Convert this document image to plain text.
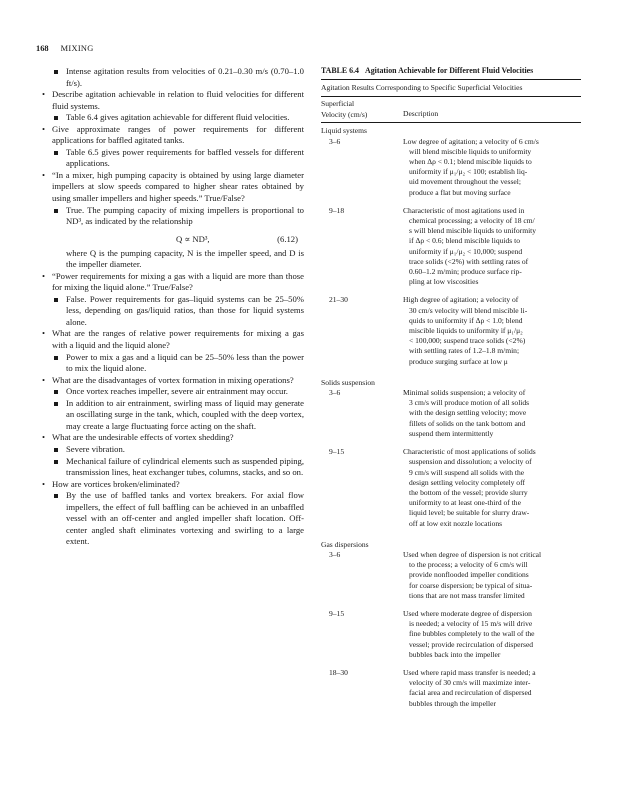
168 MIXING

Intense agitation results from velocities of 0.21–0.30 m/s (0.70–1.0 ft/s).

• Describe agitation achievable in relation to fluid velocities for different fluid systems.

Table 6.4 gives agitation achievable for different fluid velocities.

• Give approximate ranges of power requirements for different applications for baffled agitated tanks.

Table 6.5 gives power requirements for baffled vessels for different applications.

• “In a mixer, high pumping capacity is obtained by using large diameter impellers at slow speeds compared to higher shear rates obtained by using smaller impellers and higher speeds.” True/False?

True. The pumping capacity of mixing impellers is proportional to ND³, as indicated by the relationship

Q ∝ ND³,	(6.12)

where Q is the pumping capacity, N is the impeller speed, and D is the impeller diameter.

• “Power requirements for mixing a gas with a liquid are more than those for mixing the liquid alone.” True/False?

False. Power requirements for gas–liquid systems can be 25–50% less, depending on gas/liquid ratios, than those for liquid systems alone.

• What are the ranges of relative power requirements for mixing a gas with a liquid and the liquid alone?

Power to mix a gas and a liquid can be 25–50% less than the power to mix the liquid alone.

• What are the disadvantages of vortex formation in mixing operations?

Once vortex reaches impeller, severe air entrainment may occur.

In addition to air entrainment, swirling mass of liquid may generate an oscillating surge in the tank, which, coupled with the deep vortex, may create a large fluctuating force acting on the shaft.

• What are the undesirable effects of vortex shedding?

Severe vibration.

Mechanical failure of cylindrical elements such as suspended piping, transmission lines, heat exchanger tubes, columns, stacks, and so on.

• How are vortices broken/eliminated?

By the use of baffled tanks and vortex breakers. For axial flow impellers, the effect of full baffling can be achieved in an unbaffled vessel with an off-center and angled impeller shaft location. Off-center angled shaft eliminates vortexing and swirling to a large extent.

TABLE 6.4 Agitation Achievable for Different Fluid Velocities

Agitation Results Corresponding to Specific Superficial Velocities

Superficial
Velocity (cm/s)	Description
Liquid systems
3–6	Low degree of agitation; a velocity of 6 cm/s
will blend miscible liquids to uniformity
when Δρ < 0.1; blend miscible liquids to
uniformity if μ₁/μ₂ < 100; establish liq-
uid movement throughout the vessel;
produce a flat but moving surface
9–18	Characteristic of most agitations used in
chemical processing; a velocity of 18 cm/
s will blend miscible liquids to uniformity
if Δρ < 0.6; blend miscible liquids to
uniformity if μ₁/μ₂ < 10,000; suspend
trace solids (<2%) with settling rates of
0.60–1.2 m/min; produce surface rip-
pling at low viscosities
21–30	High degree of agitation; a velocity of
30 cm/s velocity will blend miscible li-
quids to uniformity if Δρ < 1.0; blend
miscible liquids to uniformity if μ₁/μ₂
< 100,000; suspend trace solids (<2%)
with settling rates of 1.2–1.8 m/min;
produce surging surface at low μ
Solids suspension
3–6	Minimal solids suspension; a velocity of
3 cm/s will produce motion of all solids
with the design settling velocity; move
fillets of solids on the tank bottom and
suspend them intermittently
9–15	Characteristic of most applications of solids
suspension and dissolution; a velocity of
9 cm/s will suspend all solids with the
design settling velocity completely off
the bottom of the vessel; provide slurry
uniformity to at least one-third of the
liquid level; be suitable for slurry draw-
off at low exit nozzle locations
Gas dispersions
3–6	Used when degree of dispersion is not critical
to the process; a velocity of 6 cm/s will
provide nonflooded impeller conditions
for coarse dispersion; be typical of situa-
tions that are not mass transfer limited
9–15	Used where moderate degree of dispersion
is needed; a velocity of 15 m/s will drive
fine bubbles completely to the wall of the
vessel; provide recirculation of dispersed
bubbles back into the impeller
18–30	Used where rapid mass transfer is needed; a
velocity of 30 cm/s will maximize inter-
facial area and recirculation of dispersed
bubbles through the impeller
